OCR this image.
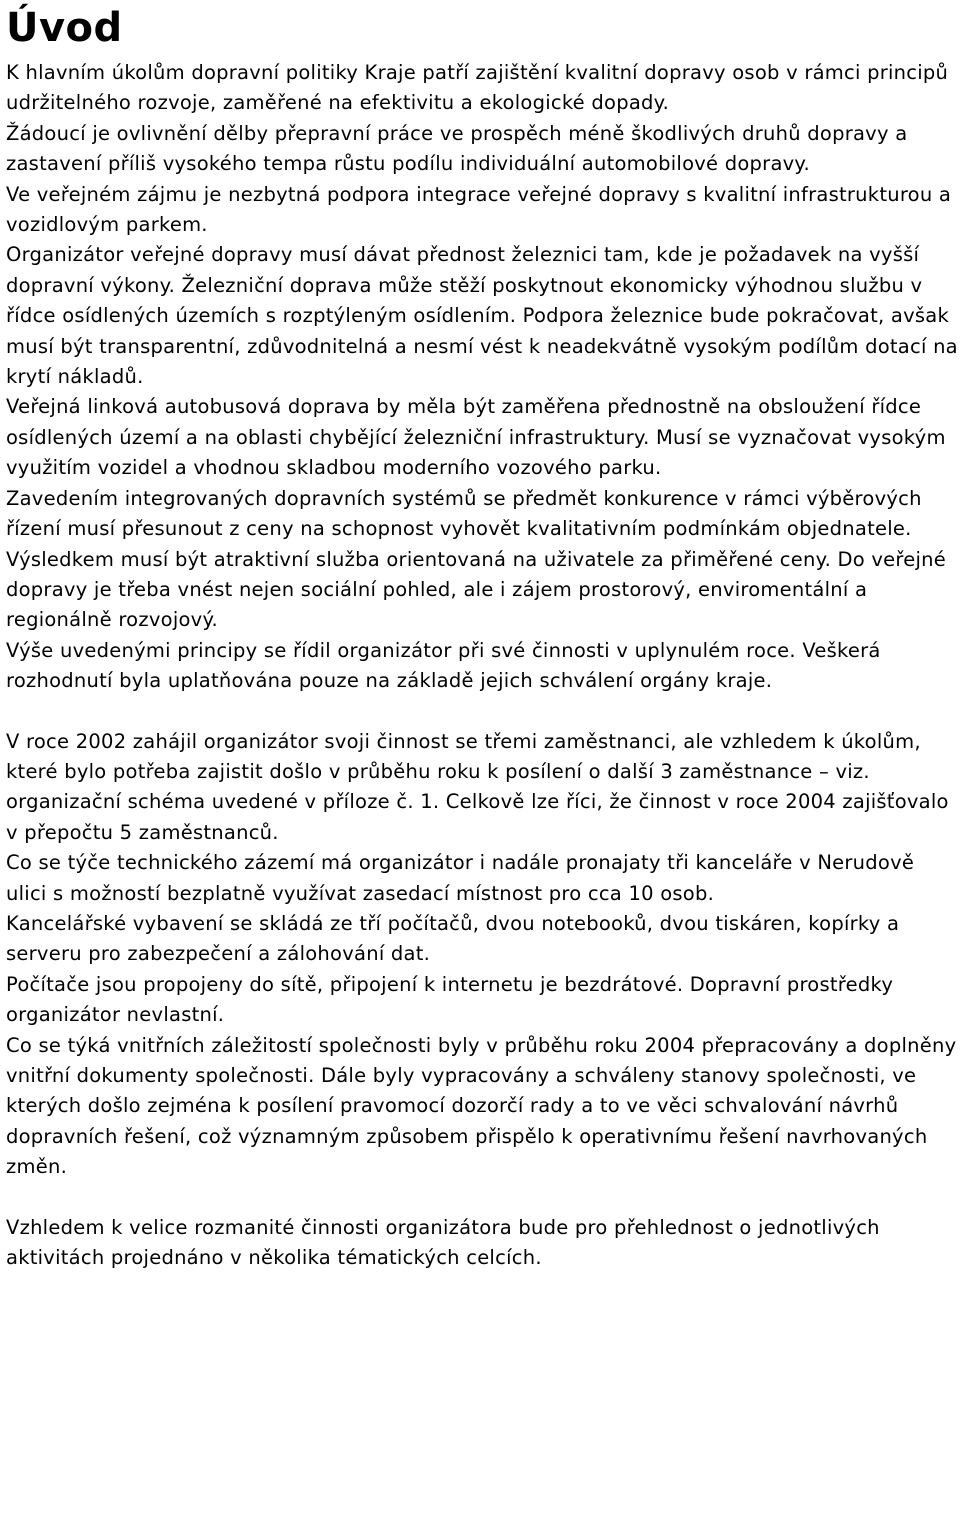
Úvod

K hlavním úkolům dopravní politiky Kraje patří zajištění kvalitní dopravy osob v rámci principů udržitelného rozvoje, zaměřené na efektivitu a ekologické dopady.

Žádoucí je ovlivnění dělby přepravní práce ve prospěch méně škodlivých druhů dopravy a zastavení příliš vysokého tempa růstu podílu individuální automobilové dopravy.

Ve veřejném zájmu je nezbytná podpora integrace veřejné dopravy s kvalitní infrastrukturou a vozidlovým parkem.

Organizátor veřejné dopravy musí dávat přednost železnici tam, kde je požadavek na vyšší dopravní výkony. Železniční doprava může stěží poskytnout ekonomicky výhodnou službu v řídce osídlených územích s rozptýleným osídlením. Podpora železnice bude pokračovat, avšak musí být transparentní, zdůvodnitelná a nesmí vést k neadekvátně vysokým podílům dotací na krytí nákladů.

Veřejná linková autobusová doprava by měla být zaměřena přednostně na obsloužení řídce osídlených území a na oblasti chybějící železniční infrastruktury. Musí se vyznačovat vysokým využitím vozidel a vhodnou skladbou moderního vozového parku.

Zavedením integrovaných dopravních systémů se předmět konkurence v rámci výběrových řízení musí přesunout z ceny na schopnost vyhovět kvalitativním podmínkám objednatele.

Výsledkem musí být atraktivní služba orientovaná na uživatele za přiměřené ceny. Do veřejné dopravy je třeba vnést nejen sociální pohled, ale i zájem prostorový, enviromentální a regionálně rozvojový.

Výše uvedenými principy se řídil organizátor při své činnosti v uplynulém roce. Veškerá rozhodnutí byla uplatňována pouze na základě jejich schválení orgány kraje.

V roce 2002 zahájil organizátor svoji činnost se třemi zaměstnanci, ale vzhledem k úkolům, které bylo potřeba zajistit došlo v průběhu roku k posílení o další 3 zaměstnance – viz. organizační schéma uvedené v příloze č. 1. Celkově lze říci, že činnost v roce 2004 zajišťovalo v přepočtu 5 zaměstnanců.

Co se týče technického zázemí má organizátor i nadále pronajaty tři kanceláře v Nerudově ulici s možností bezplatně využívat zasedací místnost pro cca 10 osob.

Kancelářské vybavení se skládá ze tří počítačů, dvou notebooků, dvou tiskáren, kopírky a serveru pro zabezpečení a zálohování dat.

Počítače jsou propojeny do sítě, připojení k internetu je bezdrátové. Dopravní prostředky organizátor nevlastní.

Co se týká vnitřních záležitostí společnosti byly v průběhu roku 2004 přepracovány a doplněny vnitřní dokumenty společnosti. Dále byly vypracovány a schváleny stanovy společnosti, ve kterých došlo zejména k posílení pravomocí dozorčí rady a to ve věci schvalování návrhů dopravních řešení, což významným způsobem přispělo k operativnímu řešení navrhovaných změn.

Vzhledem k velice rozmanité činnosti organizátora bude pro přehlednost o jednotlivých aktivitách projednáno v několika tématických celcích.
